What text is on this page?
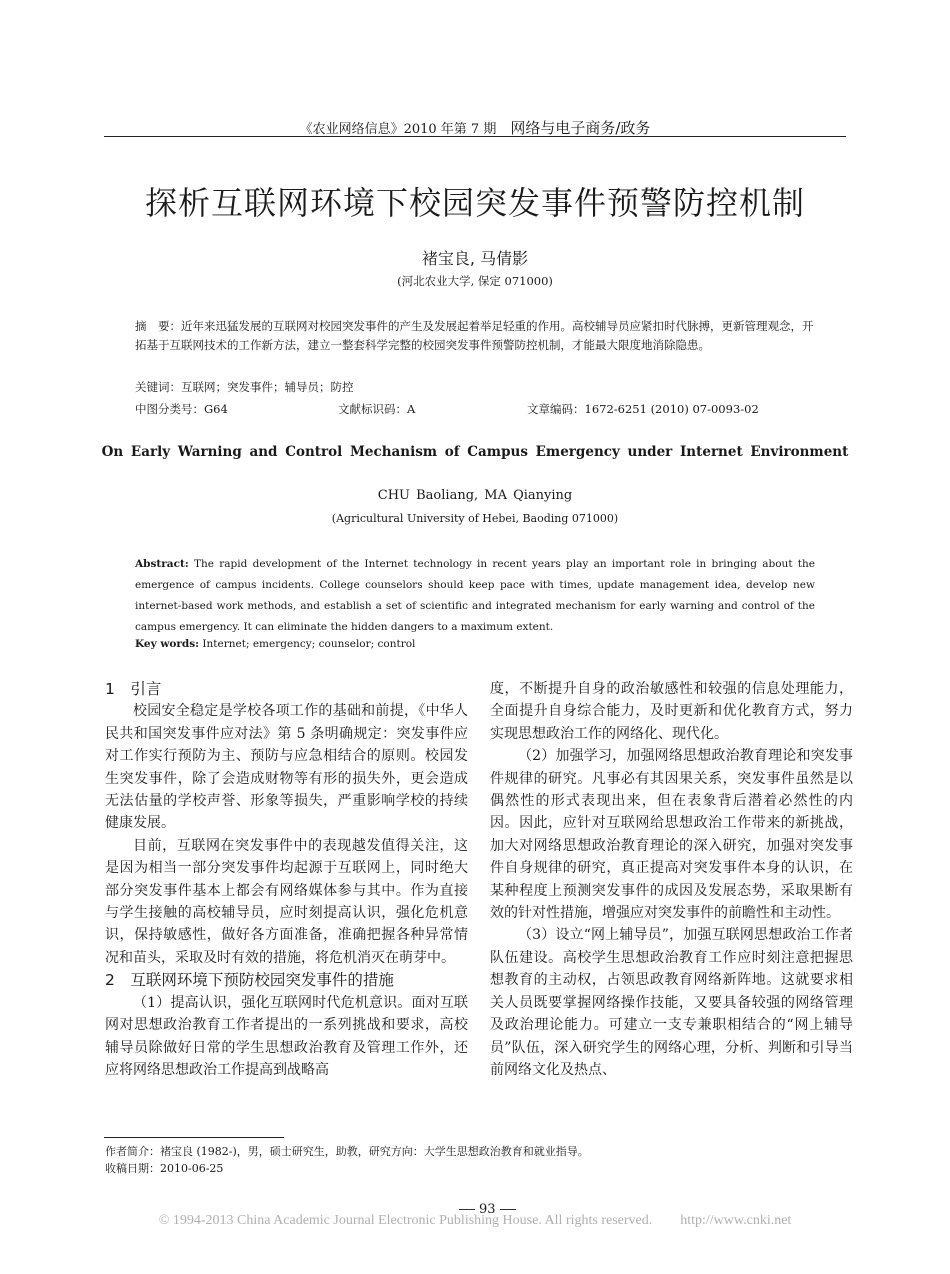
《农业网络信息》2010 年第 7 期 网络与电子商务/政务
探析互联网环境下校园突发事件预警防控机制
褚宝良, 马倩影
(河北农业大学, 保定 071000)
摘　要：近年来迅猛发展的互联网对校园突发事件的产生及发展起着举足轻重的作用。高校辅导员应紧扣时代脉搏，更新管理观念，开拓基于互联网技术的工作新方法，建立一整套科学完整的校园突发事件预警防控机制，才能最大限度地消除隐患。
关键词：互联网；突发事件；辅导员；防控
中图分类号：G64	文献标识码：A	文章编码：1672-6251 (2010) 07-0093-02
On Early Warning and Control Mechanism of Campus Emergency under Internet Environment
CHU Baoliang, MA Qianying
(Agricultural University of Hebei, Baoding 071000)
Abstract: The rapid development of the Internet technology in recent years play an important role in bringing about the emergence of campus incidents. College counselors should keep pace with times, update management idea, develop new internet-based work methods, and establish a set of scientific and integrated mechanism for early warning and control of the campus emergency. It can eliminate the hidden dangers to a maximum extent.
Key words: Internet; emergency; counselor; control
1　引言

校园安全稳定是学校各项工作的基础和前提，《中华人民共和国突发事件应对法》第 5 条明确规定：突发事件应对工作实行预防为主、预防与应急相结合的原则。校园发生突发事件，除了会造成财物等有形的损失外，更会造成无法估量的学校声誉、形象等损失，严重影响学校的持续健康发展。

目前，互联网在突发事件中的表现越发值得关注，这是因为相当一部分突发事件均起源于互联网上，同时绝大部分突发事件基本上都会有网络媒体参与其中。作为直接与学生接触的高校辅导员，应时刻提高认识，强化危机意识，保持敏感性，做好各方面准备，准确把握各种异常情况和苗头，采取及时有效的措施，将危机消灭在萌芽中。

2　互联网环境下预防校园突发事件的措施

（1）提高认识，强化互联网时代危机意识。面对互联网对思想政治教育工作者提出的一系列挑战和要求，高校辅导员除做好日常的学生思想政治教育及管理工作外，还应将网络思想政治工作提高到战略高

度，不断提升自身的政治敏感性和较强的信息处理能力，全面提升自身综合能力，及时更新和优化教育方式，努力实现思想政治工作的网络化、现代化。

（2）加强学习，加强网络思想政治教育理论和突发事件规律的研究。凡事必有其因果关系，突发事件虽然是以偶然性的形式表现出来，但在表象背后潜着必然性的内因。因此，应针对互联网给思想政治工作带来的新挑战，加大对网络思想政治教育理论的深入研究，加强对突发事件自身规律的研究，真正提高对突发事件本身的认识，在某种程度上预测突发事件的成因及发展态势，采取果断有效的针对性措施，增强应对突发事件的前瞻性和主动性。

（3）设立“网上辅导员”，加强互联网思想政治工作者队伍建设。高校学生思想政治教育工作应时刻注意把握思想教育的主动权，占领思政教育网络新阵地。这就要求相关人员既要掌握网络操作技能，又要具备较强的网络管理及政治理论能力。可建立一支专兼职相结合的“网上辅导员”队伍，深入研究学生的网络心理，分析、判断和引导当前网络文化及热点、

作者简介：褚宝良 (1982-)，男，硕士研究生，助教，研究方向：大学生思想政治教育和就业指导。
收稿日期：2010-06-25
93
© 1994-2013 China Academic Journal Electronic Publishing House. All rights reserved.　　http://www.cnki.net
